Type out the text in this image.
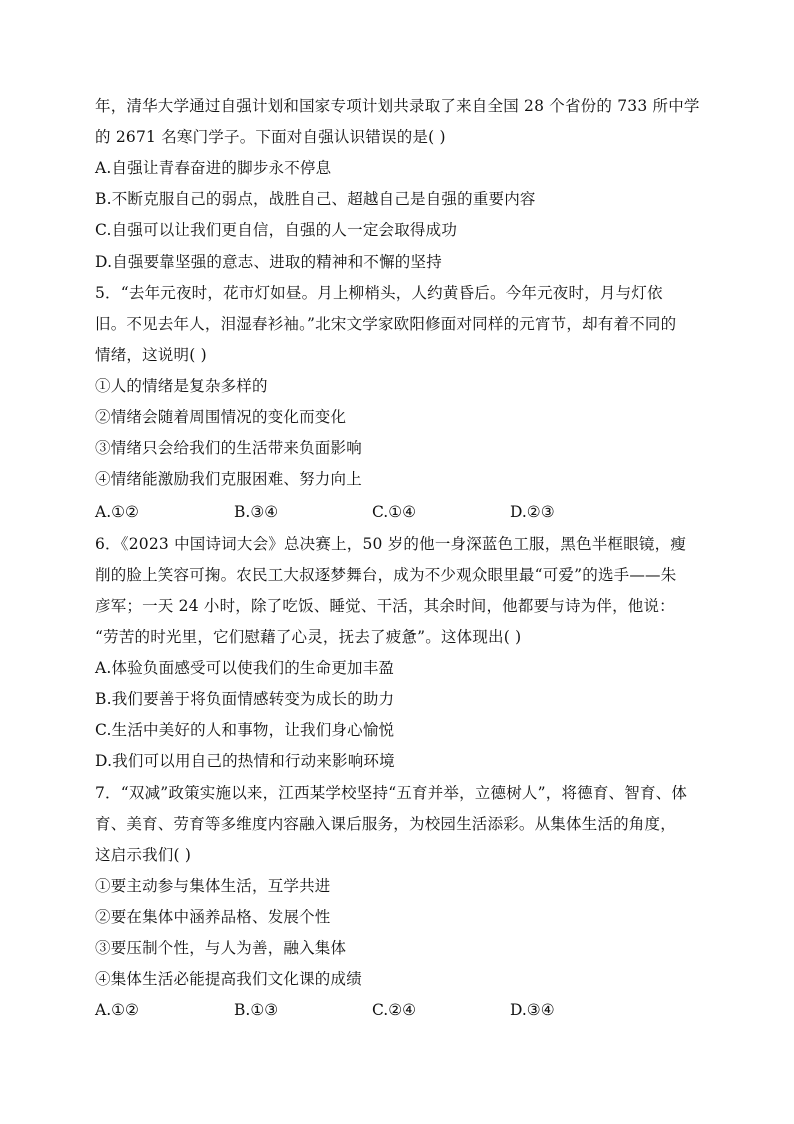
年，清华大学通过自强计划和国家专项计划共录取了来自全国 28 个省份的 733 所中学
的 2671 名寒门学子。下面对自强认识错误的是( )
A.自强让青春奋进的脚步永不停息
B.不断克服自己的弱点，战胜自己、超越自己是自强的重要内容
C.自强可以让我们更自信，自强的人一定会取得成功
D.自强要靠坚强的意志、进取的精神和不懈的坚持
5．“去年元夜时，花市灯如昼。月上柳梢头，人约黄昏后。今年元夜时，月与灯依
旧。不见去年人，泪湿春衫袖。”北宋文学家欧阳修面对同样的元宵节，却有着不同的
情绪，这说明( )
①人的情绪是复杂多样的
②情绪会随着周围情况的变化而变化
③情绪只会给我们的生活带来负面影响
④情绪能激励我们克服困难、努力向上
A.①②	B.③④	C.①④	D.②③
6．《2023 中国诗词大会》总决赛上，50 岁的他一身深蓝色工服，黑色半框眼镜，瘦
削的脸上笑容可掬。农民工大叔逐梦舞台，成为不少观众眼里最“可爱”的选手——朱
彦军；一天 24 小时，除了吃饭、睡觉、干活，其余时间，他都要与诗为伴，他说：
“劳苦的时光里，它们慰藉了心灵，抚去了疲惫”。这体现出( )
A.体验负面感受可以使我们的生命更加丰盈
B.我们要善于将负面情感转变为成长的助力
C.生活中美好的人和事物，让我们身心愉悦
D.我们可以用自己的热情和行动来影响环境
7．“双减”政策实施以来，江西某学校坚持“五育并举，立德树人”，将德育、智育、体
育、美育、劳育等多维度内容融入课后服务，为校园生活添彩。从集体生活的角度，
这启示我们( )
①要主动参与集体生活，互学共进
②要在集体中涵养品格、发展个性
③要压制个性，与人为善，融入集体
④集体生活必能提高我们文化课的成绩
A.①②	B.①③	C.②④	D.③④
